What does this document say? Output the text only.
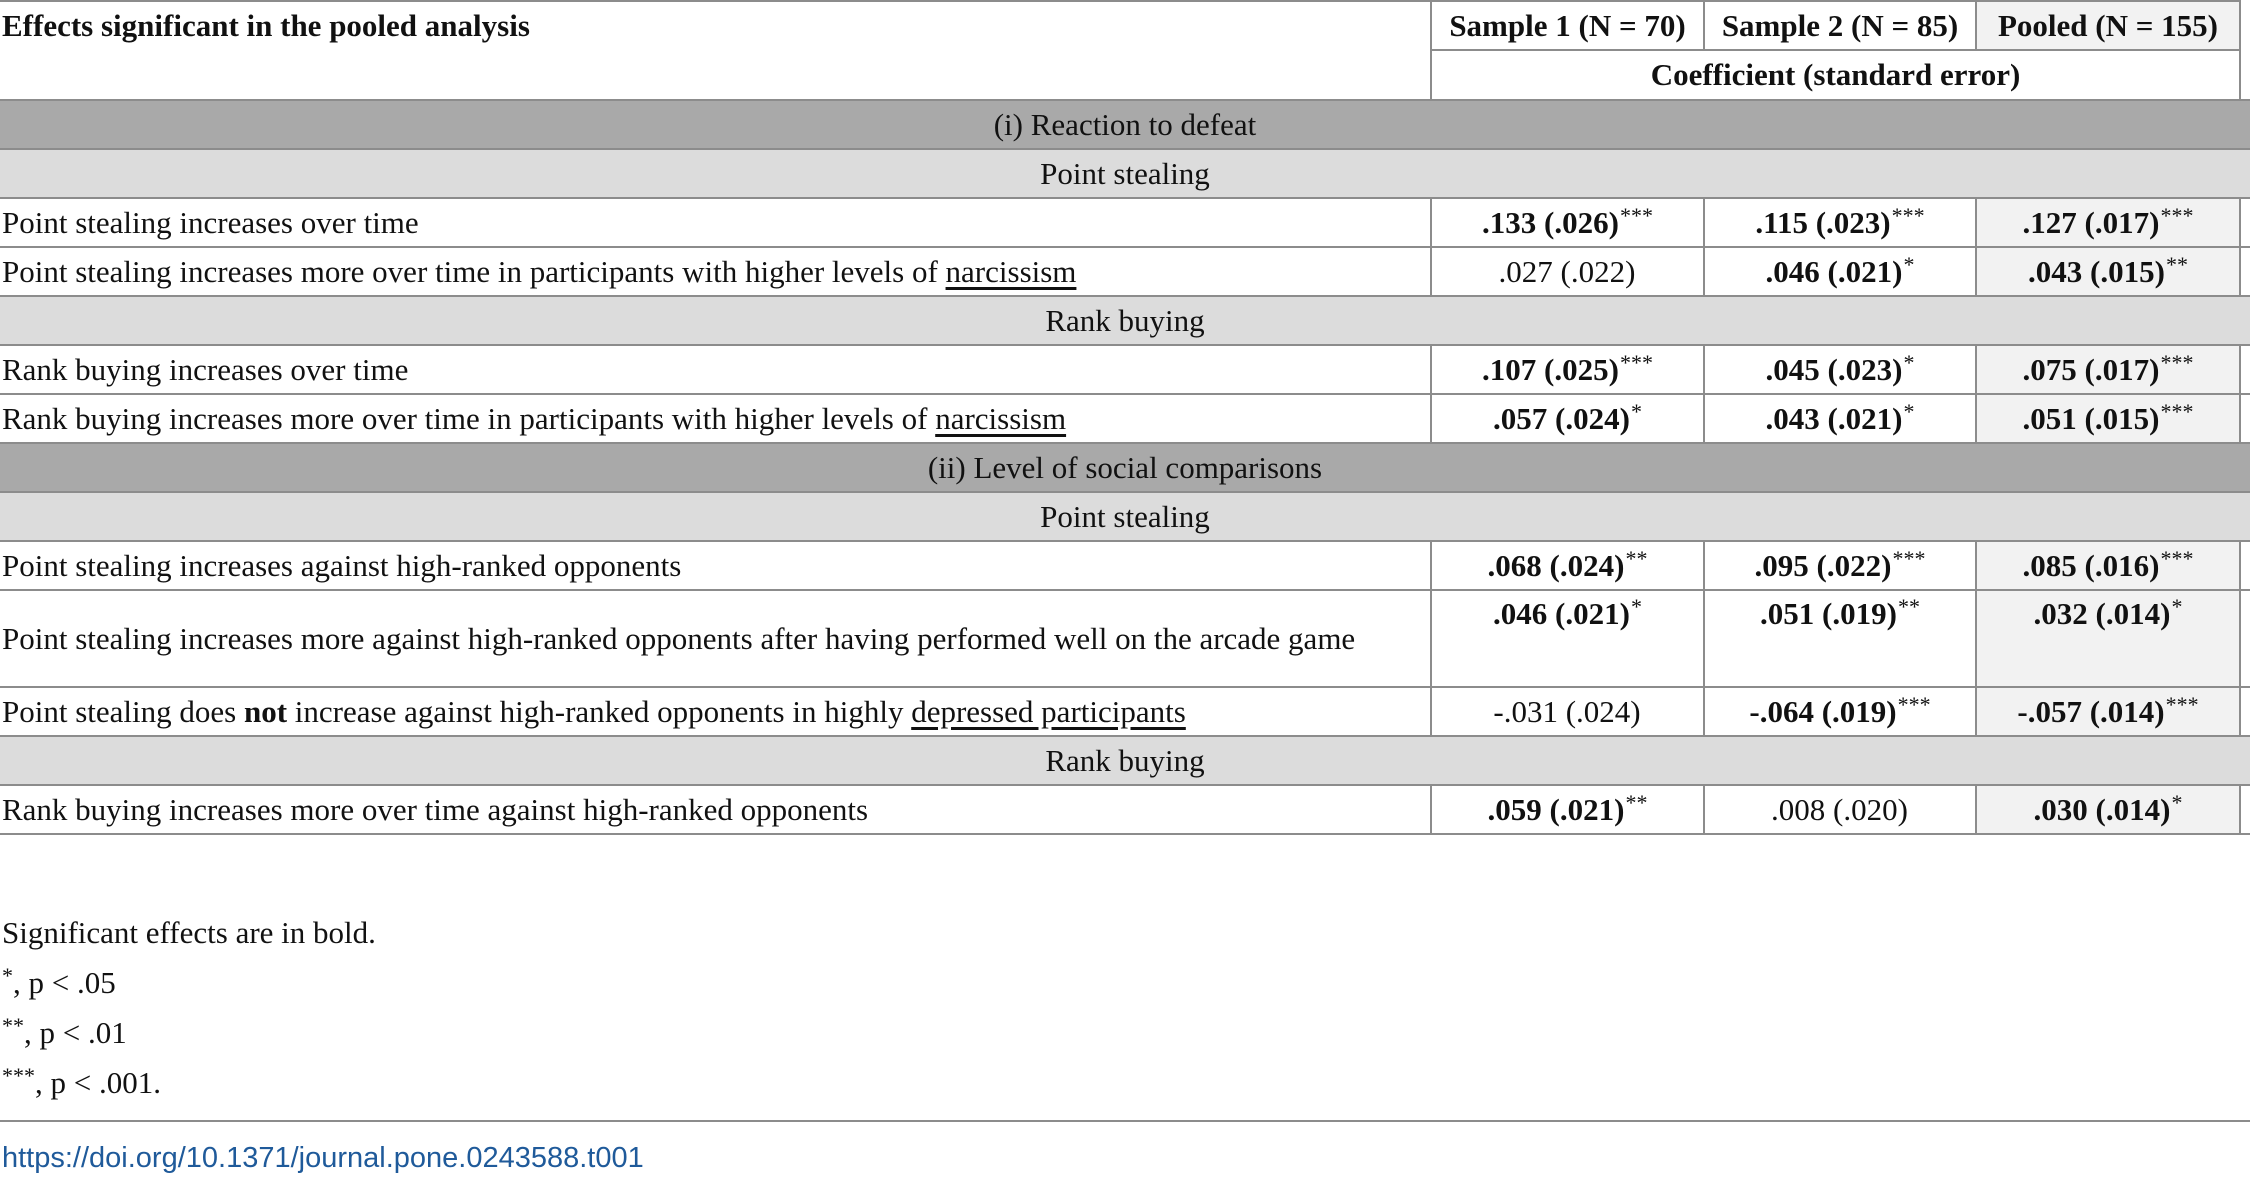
Effects significant in the pooled analysis	Sample 1 (N = 70)	Sample 2 (N = 85)	Pooled (N = 155)	
	Coefficient (standard error)			
(i) Reaction to defeat				
Point stealing				
Point stealing increases over time	.133 (.026)***	.115 (.023)***	.127 (.017)***	
Point stealing increases more over time in participants with higher levels of narcissism	.027 (.022)	.046 (.021)*	.043 (.015)**	
Rank buying				
Rank buying increases over time	.107 (.025)***	.045 (.023)*	.075 (.017)***	
Rank buying increases more over time in participants with higher levels of narcissism	.057 (.024)*	.043 (.021)*	.051 (.015)***	
(ii) Level of social comparisons				
Point stealing				
Point stealing increases against high-ranked opponents	.068 (.024)**	.095 (.022)***	.085 (.016)***	
Point stealing increases more against high-ranked opponents after having performed well on the arcade game	.046 (.021)*	.051 (.019)**	.032 (.014)*	
Point stealing does not increase against high-ranked opponents in highly depressed participants	-.031 (.024)	-.064 (.019)***	-.057 (.014)***	
Rank buying				
Rank buying increases more over time against high-ranked opponents	.059 (.021)**	.008 (.020)	.030 (.014)*	
Significant effects are in bold.
*, p < .05
**, p < .01
***, p < .001.
https://doi.org/10.1371/journal.pone.0243588.t001
